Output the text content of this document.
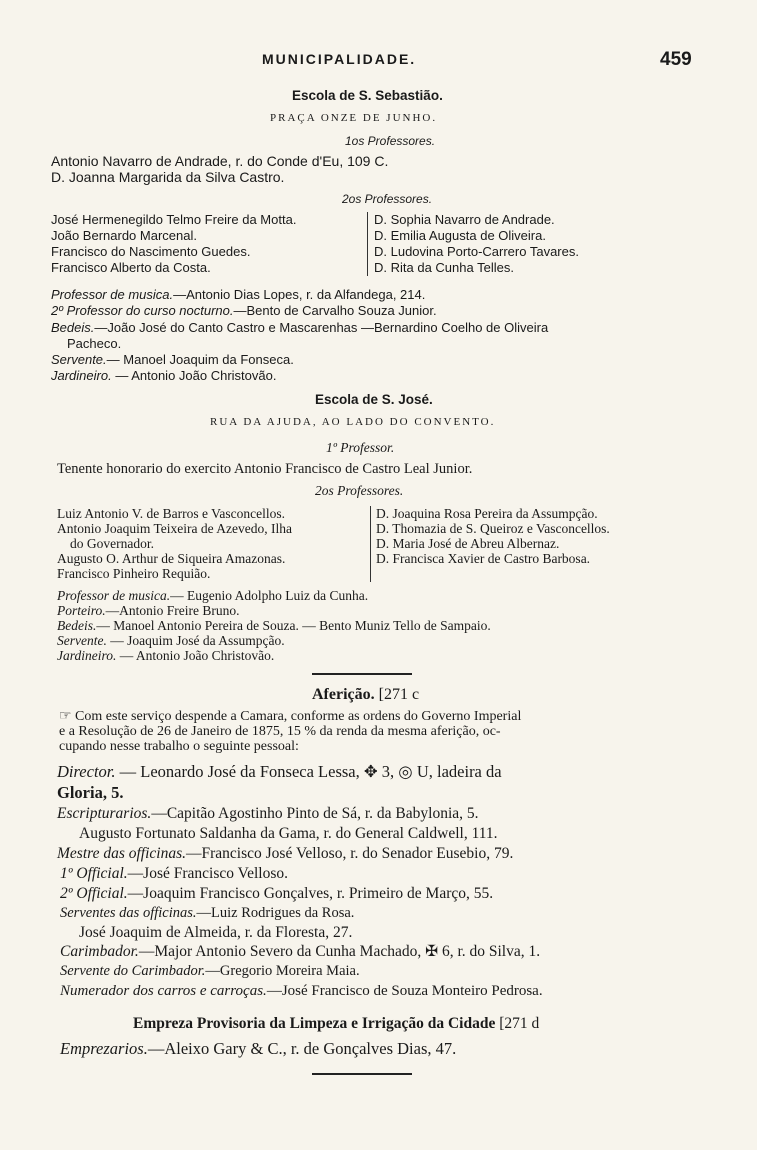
MUNICIPALIDADE.	459
Escola de S. Sebastião.
PRAÇA ONZE DE JUNHO.
1os Professores.
Antonio Navarro de Andrade, r. do Conde d'Eu, 109 C.
D. Joanna Margarida da Silva Castro.
2os Professores.
José Hermenegildo Telmo Freire da Motta.
João Bernardo Marcenal.
Francisco do Nascimento Guedes.
Francisco Alberto da Costa.
D. Sophia Navarro de Andrade.
D. Emilia Augusta de Oliveira.
D. Ludovina Porto-Carrero Tavares.
D. Rita da Cunha Telles.
Professor de musica.—Antonio Dias Lopes, r. da Alfandega, 214.
2º Professor do curso nocturno.—Bento de Carvalho Souza Junior.
Bedeis.—João José do Canto Castro e Mascarenhas —Bernardino Coelho de Oliveira
Pacheco.
Servente.— Manoel Joaquim da Fonseca.
Jardineiro. — Antonio João Christovão.
Escola de S. José.
RUA DA AJUDA, AO LADO DO CONVENTO.
1º Professor.
Tenente honorario do exercito Antonio Francisco de Castro Leal Junior.
2os Professores.
Luiz Antonio V. de Barros e Vasconcellos.
Antonio Joaquim Teixeira de Azevedo, Ilha
do Governador.
Augusto O. Arthur de Siqueira Amazonas.
Francisco Pinheiro Requião.
D. Joaquina Rosa Pereira da Assumpção.
D. Thomazia de S. Queiroz e Vasconcellos.
D. Maria José de Abreu Albernaz.
D. Francisca Xavier de Castro Barbosa.
Professor de musica.— Eugenio Adolpho Luiz da Cunha.
Porteiro.—Antonio Freire Bruno.
Bedeis.— Manoel Antonio Pereira de Souza. — Bento Muniz Tello de Sampaio.
Servente. — Joaquim José da Assumpção.
Jardineiro. — Antonio João Christovão.
Aferição. [271 c
☞ Com este serviço despende a Camara, conforme as ordens do Governo Imperial
e a Resolução de 26 de Janeiro de 1875, 15 % da renda da mesma aferição, oc-
cupando nesse trabalho o seguinte pessoal:
Director. — Leonardo José da Fonseca Lessa, ✥ 3, ◎ U, ladeira da
Gloria, 5.
Escripturarios.—Capitão Agostinho Pinto de Sá, r. da Babylonia, 5.
Augusto Fortunato Saldanha da Gama, r. do General Caldwell, 111.
Mestre das officinas.—Francisco José Velloso, r. do Senador Eusebio, 79.
1º Official.—José Francisco Velloso.
2º Official.—Joaquim Francisco Gonçalves, r. Primeiro de Março, 55.
Serventes das officinas.—Luiz Rodrigues da Rosa.
José Joaquim de Almeida, r. da Floresta, 27.
Carimbador.—Major Antonio Severo da Cunha Machado, ✠ 6, r. do Silva, 1.
Servente do Carimbador.—Gregorio Moreira Maia.
Numerador dos carros e carroças.—José Francisco de Souza Monteiro Pedrosa.
Empreza Provisoria da Limpeza e Irrigação da Cidade [271 d
Emprezarios.—Aleixo Gary & C., r. de Gonçalves Dias, 47.
